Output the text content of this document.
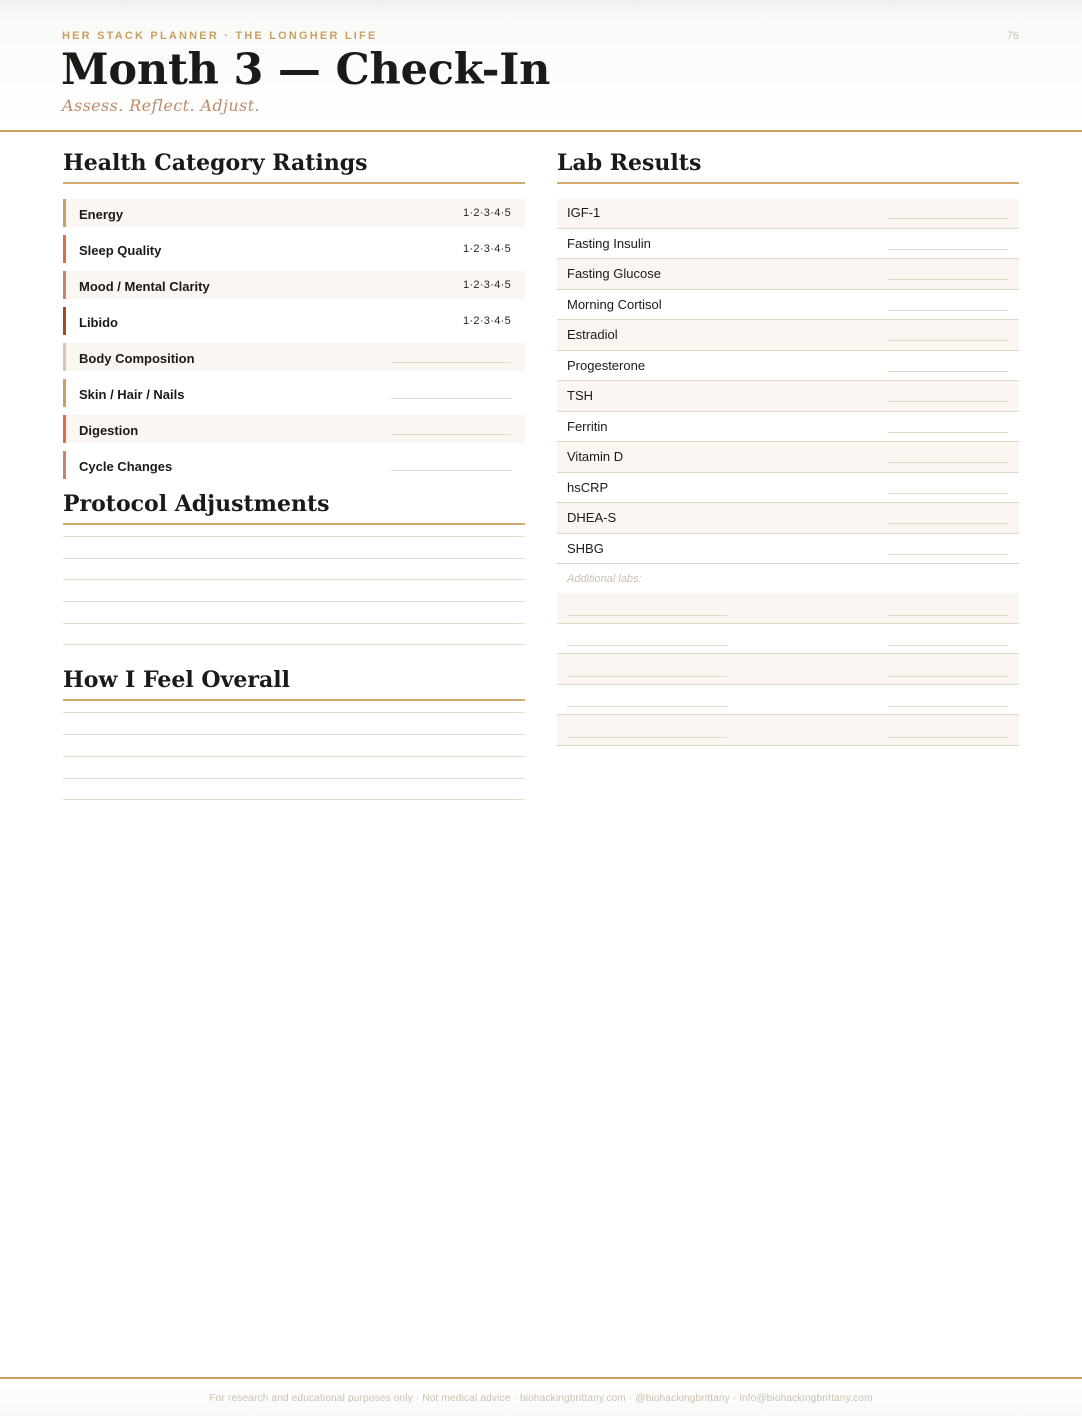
HER STACK PLANNER · THE LONGHER LIFE	76
Month 3 — Check-In
Assess. Reflect. Adjust.
Health Category Ratings
Energy	1·2·3·4·5
Sleep Quality	1·2·3·4·5
Mood / Mental Clarity	1·2·3·4·5
Libido	1·2·3·4·5
Body Composition
Skin / Hair / Nails
Digestion
Cycle Changes
Protocol Adjustments
How I Feel Overall
Lab Results
IGF-1
Fasting Insulin
Fasting Glucose
Morning Cortisol
Estradiol
Progesterone
TSH
Ferritin
Vitamin D
hsCRP
DHEA-S
SHBG
Additional labs:
For research and educational purposes only · Not medical advice · biohackingbrittany.com · @biohackingbrittany · info@biohackingbrittany.com
